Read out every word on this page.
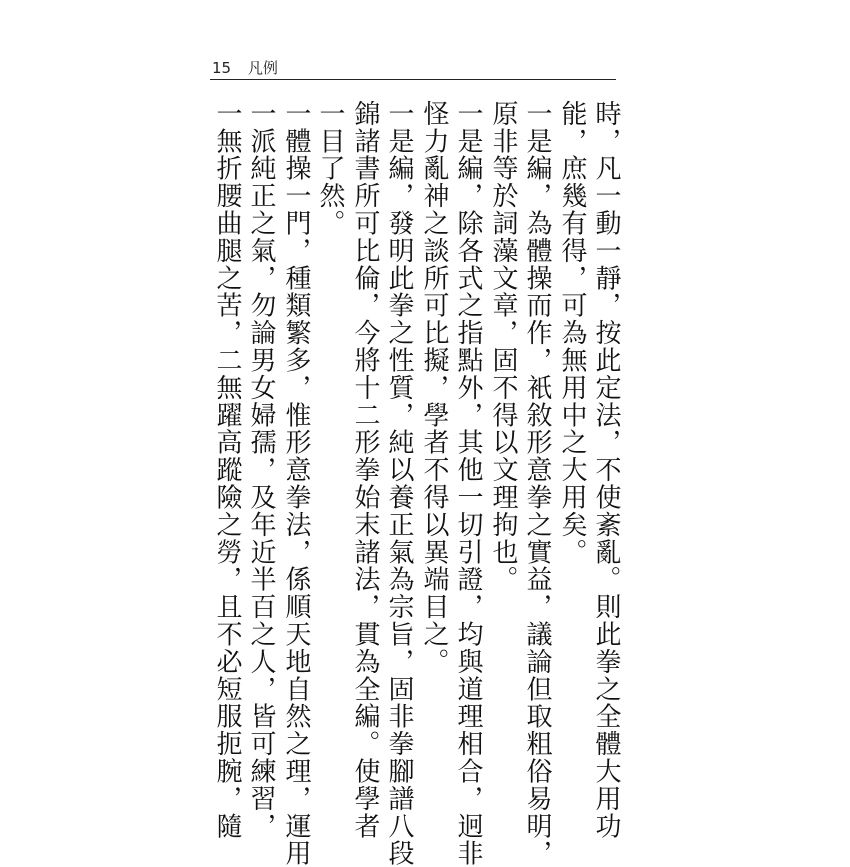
15 凡例
時，凡一動一靜，按此定法，不使紊亂。則此拳之全體大用功
能，庶幾有得，可為無用中之大用矣。
一是編，為體操而作，衹敘形意拳之實益，議論但取粗俗易明，
原非等於詞藻文章，固不得以文理拘也。
一是編，除各式之指點外，其他一切引證，均與道理相合，迥非
怪力亂神之談所可比擬，學者不得以異端目之。
一是編，發明此拳之性質，純以養正氣為宗旨，固非拳腳譜八段
錦諸書所可比倫，今將十二形拳始末諸法，貫為全編。使學者
一目了然。
一體操一門，種類繁多，惟形意拳法，係順天地自然之理，運用
一派純正之氣，勿論男女婦孺，及年近半百之人，皆可練習，
一無折腰曲腿之苦，二無躍高蹤險之勞，且不必短服扼腕，隨
